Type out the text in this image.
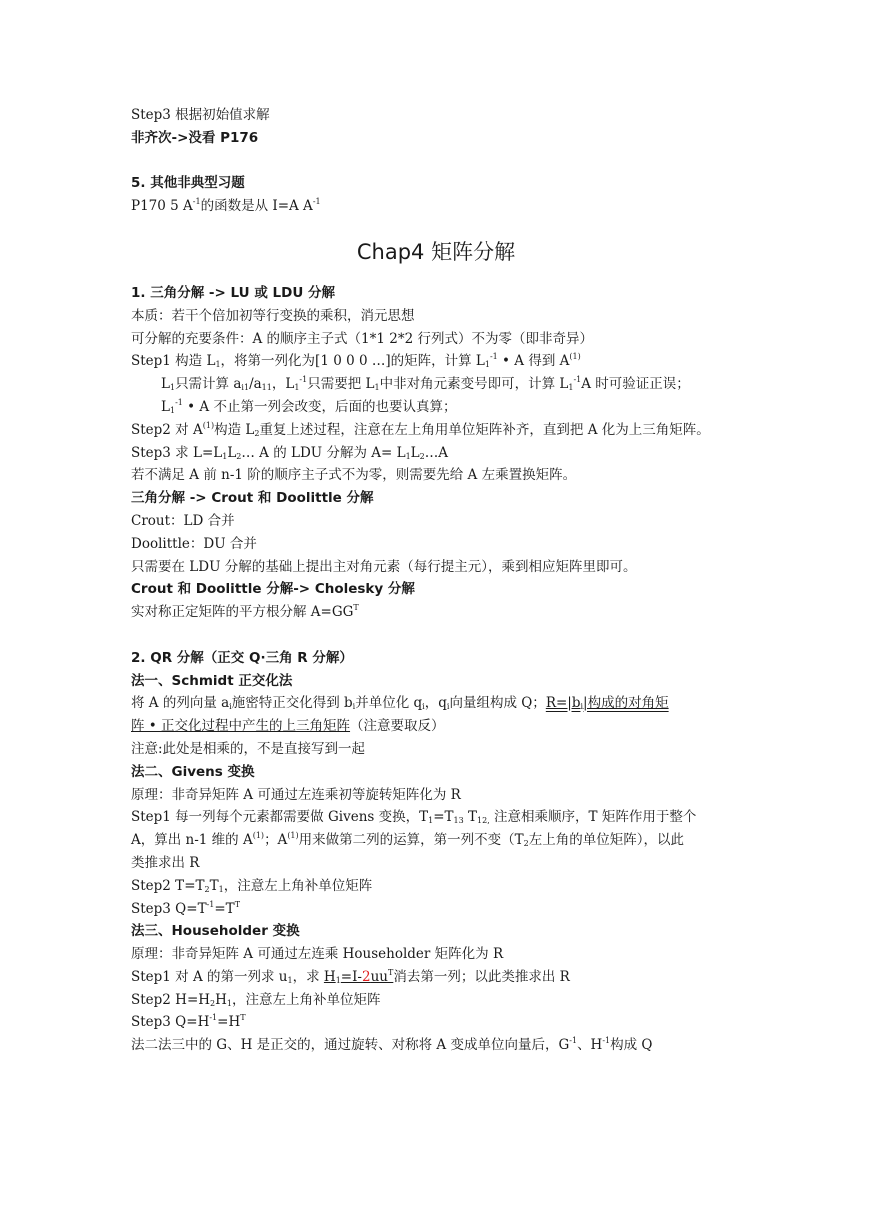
Step3 根据初始值求解
非齐次->没看 P176
5. 其他非典型习题
P170 5 $A^{-1}$的函数是从 I=A $A^{-1}$
Chap4 矩阵分解
1. 三角分解 -> LU 或 LDU 分解
本质：若干个倍加初等行变换的乘积，消元思想
可分解的充要条件：A 的顺序主子式（1*1 2*2 行列式）不为零（即非奇异）
Step1 构造 $L_1$，将第一列化为[1 0 0 0 …]的矩阵，计算 $L_1^{-1}$ • A 得到 $A^{(1)}$
$L_1$只需计算 $a_{i1}/a_{11}$，$L_1^{-1}$只需要把 $L_1$中非对角元素变号即可，计算 $L_1^{-1}A$ 时可验证正误；
$L_1^{-1}$ • A 不止第一列会改变，后面的也要认真算；
Step2 对 $A^{(1)}$构造 $L_2$重复上述过程，注意在左上角用单位矩阵补齐，直到把 A 化为上三角矩阵。
Step3 求 $L=L_1L_2\dots$ A 的 LDU 分解为 $A= L_1L_2\dots A$
若不满足 A 前 n-1 阶的顺序主子式不为零，则需要先给 A 左乘置换矩阵。
三角分解 -> Crout 和 Doolittle 分解
Crout：LD 合并
Doolittle：DU 合并
只需要在 LDU 分解的基础上提出主对角元素（每行提主元），乘到相应矩阵里即可。
Crout 和 Doolittle 分解-> Cholesky 分解
实对称正定矩阵的平方根分解 $A=GG^T$
2. QR 分解（正交 Q·三角 R 分解）
法一、Schmidt 正交化法
将 A 的列向量 $a_i$施密特正交化得到 $b_i$并单位化 $q_i$，$q_i$向量组构成 Q；$R=|b_i|$构成的对角矩
阵 • 正交化过程中产生的上三角矩阵（注意要取反）
注意:此处是相乘的，不是直接写到一起
法二、Givens 变换
原理：非奇异矩阵 A 可通过左连乘初等旋转矩阵化为 R
Step1 每一列每个元素都需要做 Givens 变换，$T_1=T_{13}$ $T_{12,}$ 注意相乘顺序，T 矩阵作用于整个
A，算出 n-1 维的 $A^{(1)}$；$A^{(1)}$用来做第二列的运算，第一列不变（$T_2$左上角的单位矩阵），以此
类推求出 R
Step2 $T=T_2T_1$，注意左上角补单位矩阵
Step3 $Q=T^{-1}=T^T$
法三、Householder 变换
原理：非奇异矩阵 A 可通过左连乘 Householder 矩阵化为 R
Step1 对 A 的第一列求 $u_1$，求 $H_1=I-2uu^T$消去第一列；以此类推求出 R
Step2 $H=H_2H_1$，注意左上角补单位矩阵
Step3 $Q=H^{-1}=H^T$
法二法三中的 G、H 是正交的，通过旋转、对称将 A 变成单位向量后，$G^{-1}$、$H^{-1}$构成 Q
